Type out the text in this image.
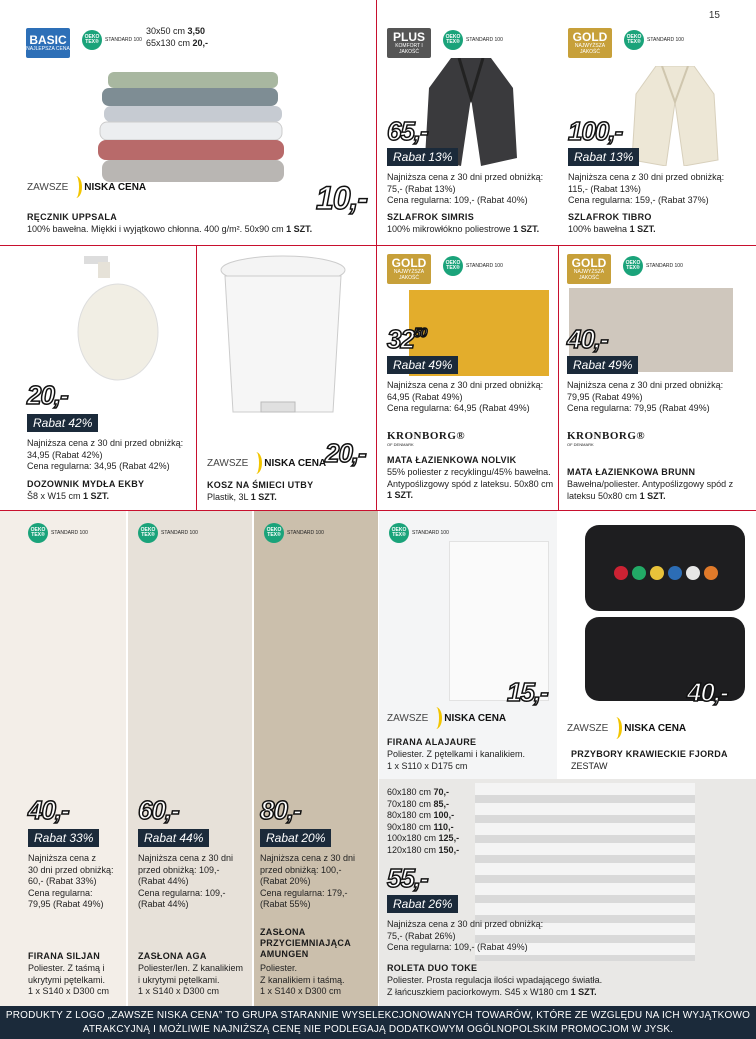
15
BASIC
NAJLEPSZA CENA
OEKO TEX®	STANDARD 100
30x50 cm 3,50
65x130 cm 20,-
ZAWSZE NISKA CENA	10,-
RĘCZNIK UPPSALA
100% bawełna. Miękki i wyjątkowo chłonna. 400 g/m². 50x90 cm 1 SZT.
PLUS
KOMFORT I JAKOŚĆ
OEKO TEX®	STANDARD 100
65,-
Rabat 13%
Najniższa cena z 30 dni przed obniżką:
75,- (Rabat 13%)
Cena regularna: 109,- (Rabat 40%)
SZLAFROK SIMRIS
100% mikrowłókno poliestrowe 1 SZT.
GOLD
NAJWYŻSZA JAKOŚĆ
OEKO TEX®	STANDARD 100
100,-
Rabat 13%
Najniższa cena z 30 dni przed obniżką:
115,- (Rabat 13%)
Cena regularna: 159,- (Rabat 37%)
SZLAFROK TIBRO
100% bawełna 1 SZT.
20,-
Rabat 42%
Najniższa cena z 30 dni przed obniżką:
34,95 (Rabat 42%)
Cena regularna: 34,95 (Rabat 42%)
DOZOWNIK MYDŁA EKBY
Š8 x W15 cm 1 SZT.
ZAWSZE NISKA CENA
20,-
KOSZ NA ŚMIECI UTBY
Plastik, 3L 1 SZT.
GOLD
NAJWYŻSZA JAKOŚĆ
OEKO TEX®	STANDARD 100
$32^{50}$
Rabat 49%
Najniższa cena z 30 dni przed obniżką:
64,95 (Rabat 49%)
Cena regularna: 64,95 (Rabat 49%)
KRONBORG®
OF DENMARK
MATA ŁAZIENKOWA NOLVIK
55% poliester z recyklingu/45% bawełna. Antypoślizgowy spód z lateksu. 50x80 cm 1 SZT.
GOLD
NAJWYŻSZA JAKOŚĆ
OEKO TEX®	STANDARD 100
40,-
Rabat 49%
Najniższa cena z 30 dni przed obniżką:
79,95 (Rabat 49%)
Cena regularna: 79,95 (Rabat 49%)
KRONBORG®
OF DENMARK
MATA ŁAZIENKOWA BRUNN
Bawełna/poliester. Antypoślizgowy spód z lateksu 50x80 cm 1 SZT.
OEKO TEX®	STANDARD 100
40,-
Rabat 33%
Najniższa cena z
30 dni przed obniżką:
60,- (Rabat 33%)
Cena regularna:
79,95 (Rabat 49%)
FIRANA SILJAN
Poliester. Z taśmą i
ukrytymi pętelkami.
1 x S140 x D300 cm
OEKO TEX®	STANDARD 100
60,-
Rabat 44%
Najniższa cena z 30 dni
przed obniżką: 109,-
(Rabat 44%)
Cena regularna: 109,-
(Rabat 44%)
ZASŁONA AGA
Poliester/len. Z kanalikiem
i ukrytymi pętelkami.
1 x S140 x D300 cm
OEKO TEX®	STANDARD 100
80,-
Rabat 20%
Najniższa cena z 30 dni
przed obniżką: 100,-
(Rabat 20%)
Cena regularna: 179,-
(Rabat 55%)
ZASŁONA
PRZYCIEMNIAJĄCA
AMUNGEN
Poliester.
Z kanalikiem i taśmą.
1 x S140 x D300 cm
OEKO TEX®	STANDARD 100
15,-
ZAWSZE NISKA CENA
FIRANA ALAJAURE
Poliester. Z pętelkami i kanalikiem.
1 x S110 x D175 cm
40,-
ZAWSZE NISKA CENA
PRZYBORY KRAWIECKIE FJORDA
ZESTAW
60x180 cm 70,-
70x180 cm 85,-
80x180 cm 100,-
90x180 cm 110,-
100x180 cm 125,-
120x180 cm 150,-
55,-
Rabat 26%
Najniższa cena z 30 dni przed obniżką:
75,- (Rabat 26%)
Cena regularna: 109,- (Rabat 49%)
ROLETA DUO TOKE
Poliester. Prosta regulacja ilości wpadającego światła.
Z łańcuszkiem paciorkowym. S45 x W180 cm 1 SZT.
PRODUKTY Z LOGO „ZAWSZE NISKA CENA” TO GRUPA STARANNIE WYSELEKCJONOWANYCH TOWARÓW, KTÓRE ZE WZGLĘDU NA ICH WYJĄTKOWO ATRAKCYJNĄ I MOŻLIWIE NAJNIŻSZĄ CENĘ NIE PODLEGAJĄ DODATKOWYM OGÓLNOPOLSKIM PROMOCJOM W JYSK.
